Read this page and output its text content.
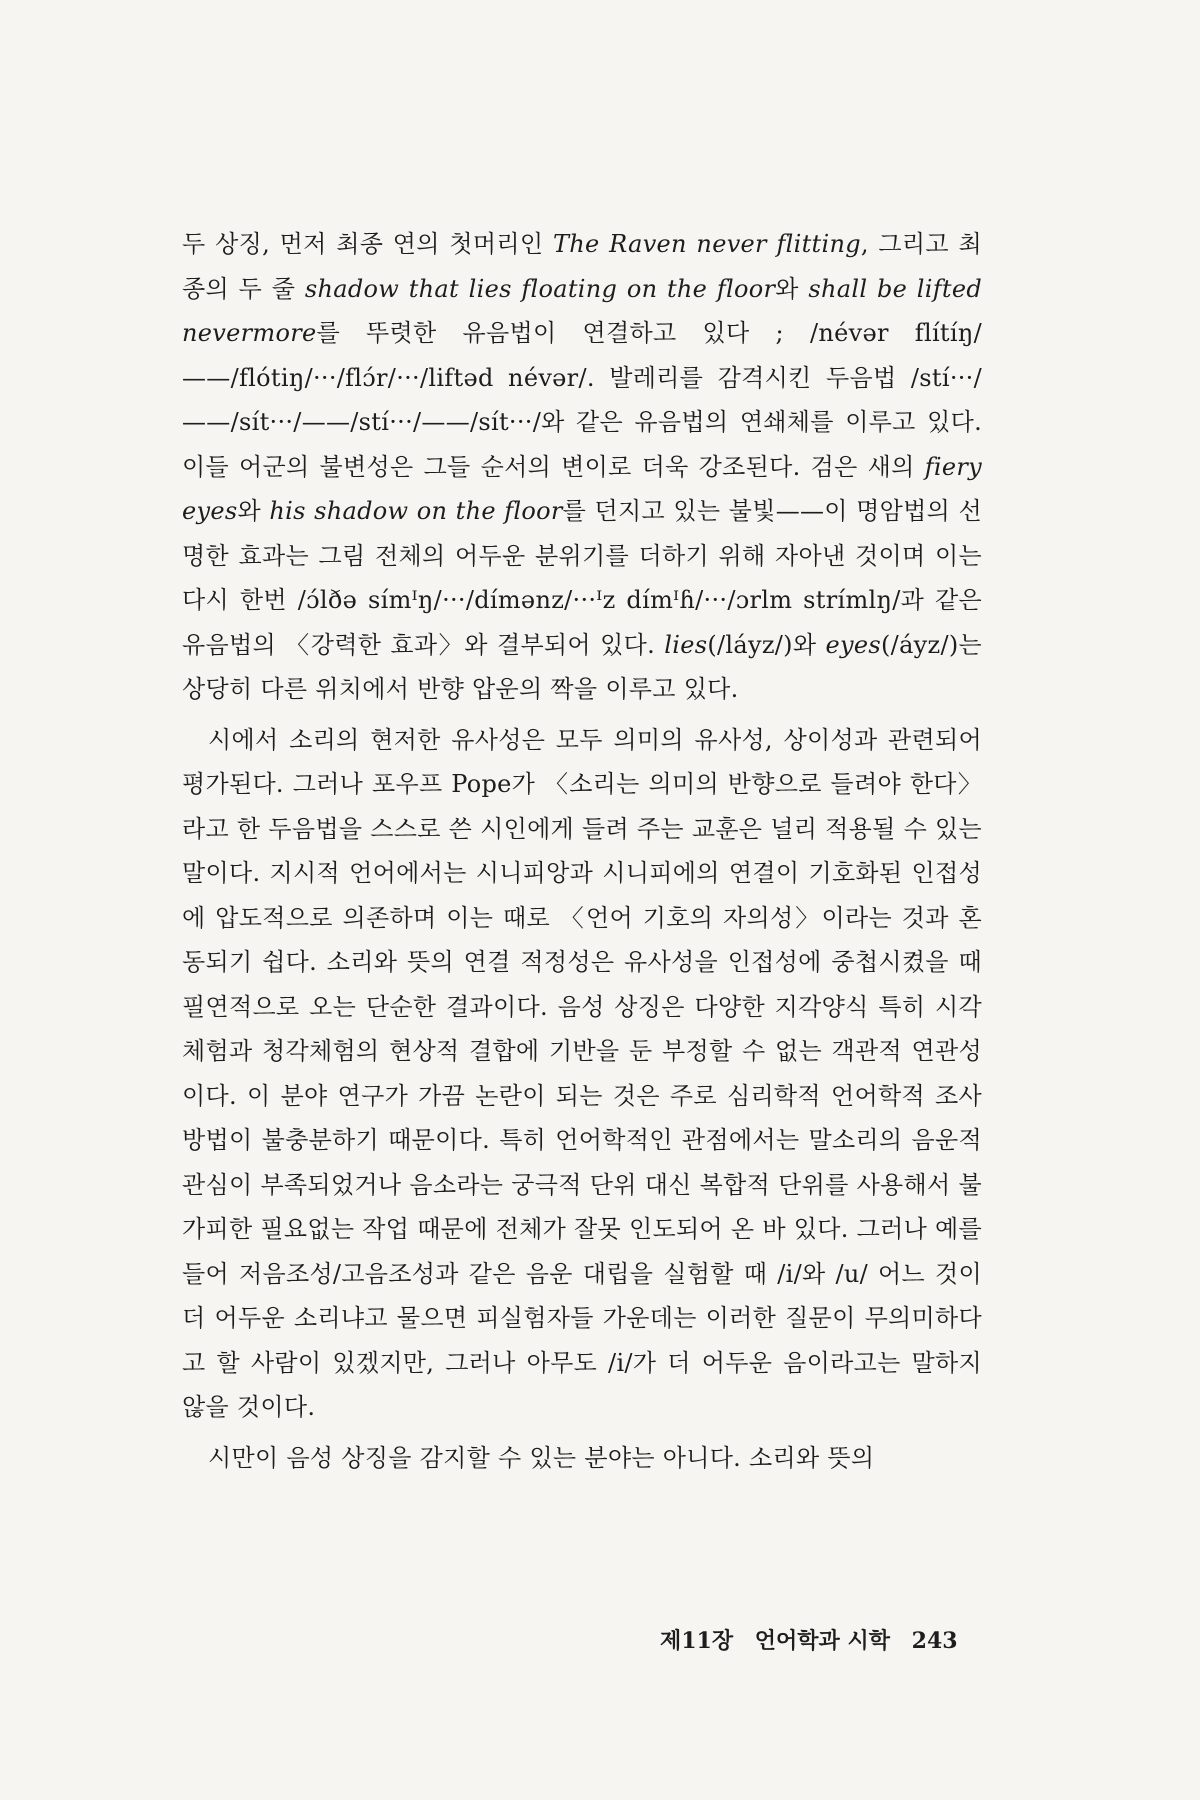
두 상징, 먼저 최종 연의 첫머리인 The Raven never flitting, 그리고 최종의 두 줄 shadow that lies floating on the floor와 shall be lifted nevermore를 뚜렷한 유음법이 연결하고 있다 ; /névər flítíŋ/——/flótiŋ/···/flɔ́r/···/liftəd névər/. 발레리를 감격시킨 두음법 /stí···/——/sít···/——/stí···/——/sít···/와 같은 유음법의 연쇄체를 이루고 있다. 이들 어군의 불변성은 그들 순서의 변이로 더욱 강조된다. 검은 새의 fiery eyes와 his shadow on the floor를 던지고 있는 불빛——이 명암법의 선명한 효과는 그림 전체의 어두운 분위기를 더하기 위해 자아낸 것이며 이는 다시 한번 /ɔ́lðə símᴵŋ/···/dímənz/···ᴵz dímᴵɦ/···/ɔrlm strímlŋ/과 같은 유음법의 〈강력한 효과〉와 결부되어 있다. lies(/láyz/)와 eyes(/áyz/)는 상당히 다른 위치에서 반향 압운의 짝을 이루고 있다.

시에서 소리의 현저한 유사성은 모두 의미의 유사성, 상이성과 관련되어 평가된다. 그러나 포우프 Pope가 〈소리는 의미의 반향으로 들려야 한다〉라고 한 두음법을 스스로 쓴 시인에게 들려 주는 교훈은 널리 적용될 수 있는 말이다. 지시적 언어에서는 시니피앙과 시니피에의 연결이 기호화된 인접성에 압도적으로 의존하며 이는 때로 〈언어 기호의 자의성〉이라는 것과 혼동되기 쉽다. 소리와 뜻의 연결 적정성은 유사성을 인접성에 중첩시켰을 때 필연적으로 오는 단순한 결과이다. 음성 상징은 다양한 지각양식 특히 시각체험과 청각체험의 현상적 결합에 기반을 둔 부정할 수 없는 객관적 연관성이다. 이 분야 연구가 가끔 논란이 되는 것은 주로 심리학적 언어학적 조사 방법이 불충분하기 때문이다. 특히 언어학적인 관점에서는 말소리의 음운적 관심이 부족되었거나 음소라는 궁극적 단위 대신 복합적 단위를 사용해서 불가피한 필요없는 작업 때문에 전체가 잘못 인도되어 온 바 있다. 그러나 예를 들어 저음조성/고음조성과 같은 음운 대립을 실험할 때 /i/와 /u/ 어느 것이 더 어두운 소리냐고 물으면 피실험자들 가운데는 이러한 질문이 무의미하다고 할 사람이 있겠지만, 그러나 아무도 /i/가 더 어두운 음이라고는 말하지 않을 것이다.

시만이 음성 상징을 감지할 수 있는 분야는 아니다. 소리와 뜻의

제11장 언어학과 시학 243
